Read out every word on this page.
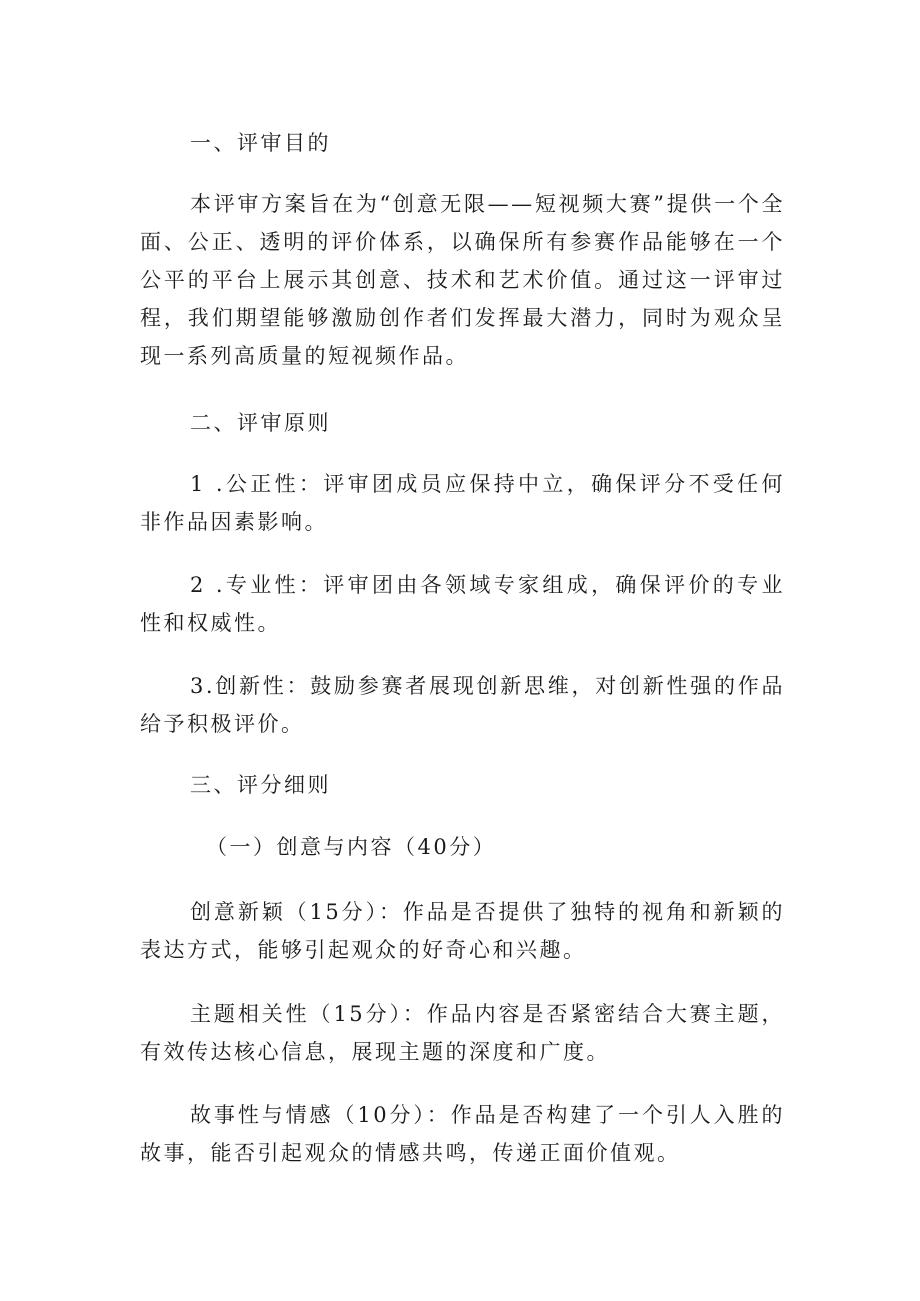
一、评审目的

本评审方案旨在为“创意无限——短视频大赛”提供一个全面、公正、透明的评价体系，以确保所有参赛作品能够在一个公平的平台上展示其创意、技术和艺术价值。通过这一评审过程，我们期望能够激励创作者们发挥最大潜力，同时为观众呈现一系列高质量的短视频作品。

二、评审原则

1 .公正性：评审团成员应保持中立，确保评分不受任何非作品因素影响。

2 .专业性：评审团由各领域专家组成，确保评价的专业性和权威性。

3.创新性：鼓励参赛者展现创新思维，对创新性强的作品给予积极评价。

三、评分细则

（一）创意与内容（40分）

创意新颖（15分）：作品是否提供了独特的视角和新颖的表达方式，能够引起观众的好奇心和兴趣。

主题相关性（15分）：作品内容是否紧密结合大赛主题，有效传达核心信息，展现主题的深度和广度。

故事性与情感（10分）：作品是否构建了一个引人入胜的故事，能否引起观众的情感共鸣，传递正面价值观。
